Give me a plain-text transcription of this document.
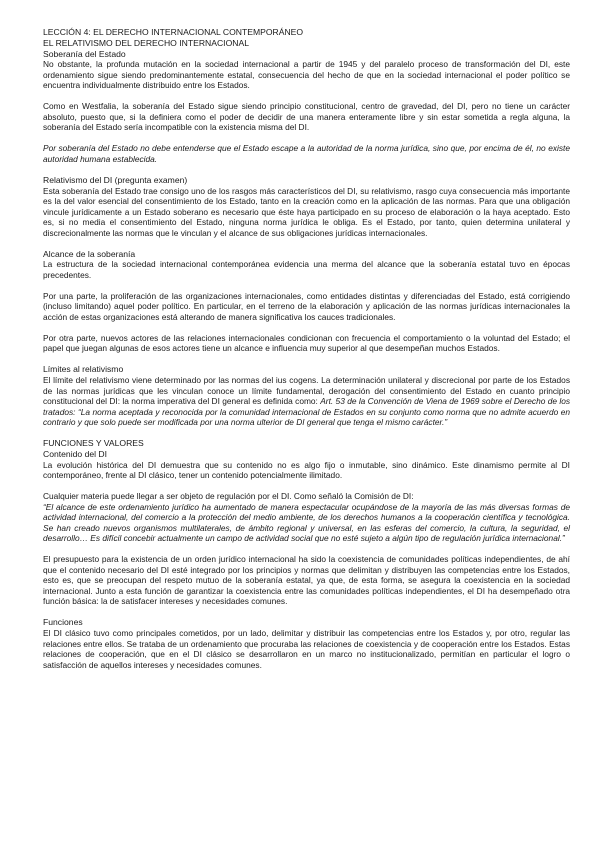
LECCIÓN 4: EL DERECHO INTERNACIONAL CONTEMPORÁNEO
EL RELATIVISMO DEL DERECHO INTERNACIONAL
Soberanía del Estado

No obstante, la profunda mutación en la sociedad internacional a partir de 1945 y del paralelo proceso de transformación del DI, este ordenamiento sigue siendo predominantemente estatal, consecuencia del hecho de que en la sociedad internacional el poder político se encuentra individualmente distribuido entre los Estados.

Como en Westfalia, la soberanía del Estado sigue siendo principio constitucional, centro de gravedad, del DI, pero no tiene un carácter absoluto, puesto que, si la definiera como el poder de decidir de una manera enteramente libre y sin estar sometida a regla alguna, la soberanía del Estado sería incompatible con la existencia misma del DI.

Por soberanía del Estado no debe entenderse que el Estado escape a la autoridad de la norma jurídica, sino que, por encima de él, no existe autoridad humana establecida.

Relativismo del DI (pregunta examen)

Esta soberanía del Estado trae consigo uno de los rasgos más característicos del DI, su relativismo, rasgo cuya consecuencia más importante es la del valor esencial del consentimiento de los Estado, tanto en la creación como en la aplicación de las normas. Para que una obligación vincule jurídicamente a un Estado soberano es necesario que éste haya participado en su proceso de elaboración o la haya aceptado. Esto es, si no media el consentimiento del Estado, ninguna norma jurídica le obliga. Es el Estado, por tanto, quien determina unilateral y discrecionalmente las normas que le vinculan y el alcance de sus obligaciones jurídicas internacionales.

Alcance de la soberanía

La estructura de la sociedad internacional contemporánea evidencia una merma del alcance que la soberanía estatal tuvo en épocas precedentes.

Por una parte, la proliferación de las organizaciones internacionales, como entidades distintas y diferenciadas del Estado, está corrigiendo (incluso limitando) aquel poder político. En particular, en el terreno de la elaboración y aplicación de las normas jurídicas internacionales la acción de estas organizaciones está alterando de manera significativa los cauces tradicionales.

Por otra parte, nuevos actores de las relaciones internacionales condicionan con frecuencia el comportamiento o la voluntad del Estado; el papel que juegan algunas de esos actores tiene un alcance e influencia muy superior al que desempeñan muchos Estados.

Límites al relativismo

El límite del relativismo viene determinado por las normas del ius cogens. La determinación unilateral y discrecional por parte de los Estados de las normas jurídicas que les vinculan conoce un límite fundamental, derogación del consentimiento del Estado en cuanto principio constitucional del DI: la norma imperativa del DI general es definida como: Art. 53 de la Convención de Viena de 1969 sobre el Derecho de los tratados: “La norma aceptada y reconocida por la comunidad internacional de Estados en su conjunto como norma que no admite acuerdo en contrario y que solo puede ser modificada por una norma ulterior de DI general que tenga el mismo carácter.”

FUNCIONES Y VALORES
Contenido del DI

La evolución histórica del DI demuestra que su contenido no es algo fijo o inmutable, sino dinámico. Este dinamismo permite al DI contemporáneo, frente al DI clásico, tener un contenido potencialmente ilimitado.

Cualquier materia puede llegar a ser objeto de regulación por el DI. Como señaló la Comisión de DI:

“El alcance de este ordenamiento jurídico ha aumentado de manera espectacular ocupándose de la mayoría de las más diversas formas de actividad internacional, del comercio a la protección del medio ambiente, de los derechos humanos a la cooperación científica y tecnológica. Se han creado nuevos organismos multilaterales, de ámbito regional y universal, en las esferas del comercio, la cultura, la seguridad, el desarrollo… Es difícil concebir actualmente un campo de actividad social que no esté sujeto a algún tipo de regulación jurídica internacional.”

El presupuesto para la existencia de un orden jurídico internacional ha sido la coexistencia de comunidades políticas independientes, de ahí que el contenido necesario del DI esté integrado por los principios y normas que delimitan y distribuyen las competencias entre los Estados, esto es, que se preocupan del respeto mutuo de la soberanía estatal, ya que, de esta forma, se asegura la coexistencia en la sociedad internacional. Junto a esta función de garantizar la coexistencia entre las comunidades políticas independientes, el DI ha desempeñado otra función básica: la de satisfacer intereses y necesidades comunes.

Funciones

El DI clásico tuvo como principales cometidos, por un lado, delimitar y distribuir las competencias entre los Estados y, por otro, regular las relaciones entre ellos. Se trataba de un ordenamiento que procuraba las relaciones de coexistencia y de cooperación entre los Estados. Estas relaciones de cooperación, que en el DI clásico se desarrollaron en un marco no institucionalizado, permitían en particular el logro o satisfacción de aquellos intereses y necesidades comunes.
